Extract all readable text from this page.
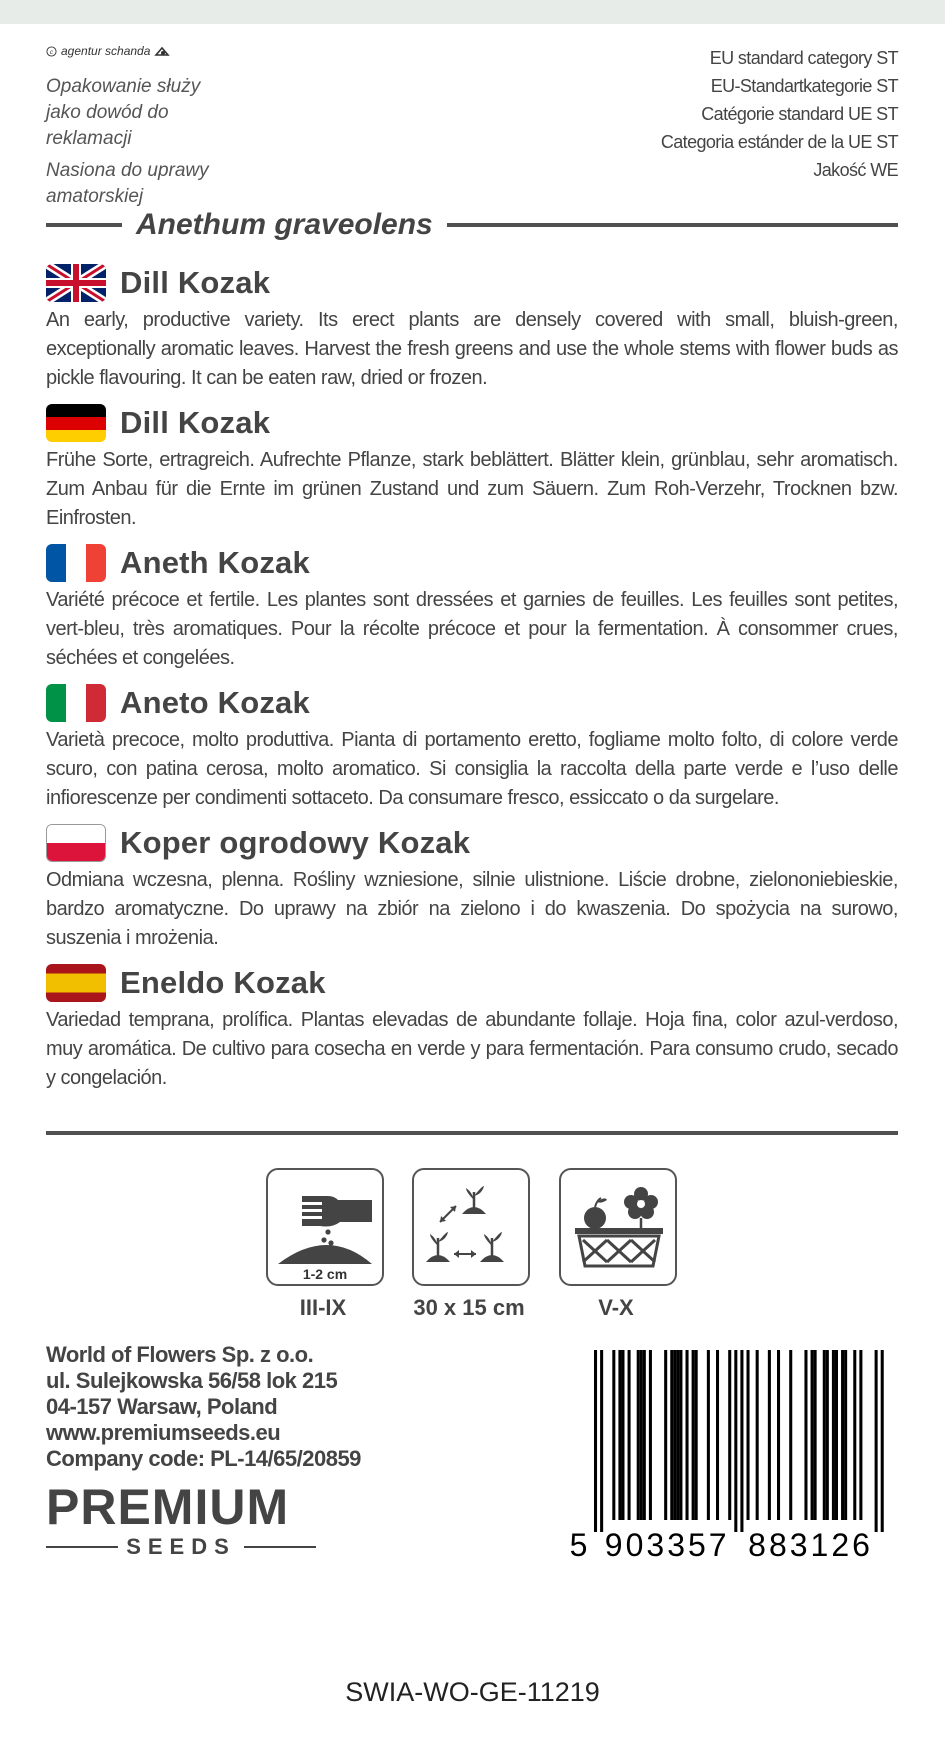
c agentur schanda

Opakowanie służy jako dowód do reklamacji

Nasiona do uprawy amatorskiej

EU standard category ST
EU-Standartkategorie ST
Catégorie standard UE ST
Categoria estánder de la UE ST
Jakość WE
Anethum graveolens
Dill Kozak
An early, productive variety. Its erect plants are densely covered with small, bluish-green, exceptionally aromatic leaves. Harvest the fresh greens and use the whole stems with flower buds as pickle flavouring. It can be eaten raw, dried or frozen.
Dill Kozak
Frühe Sorte, ertragreich. Aufrechte Pflanze, stark beblättert. Blätter klein, grünblau, sehr aromatisch. Zum Anbau für die Ernte im grünen Zustand und zum Säuern. Zum Roh-Verzehr, Trocknen bzw. Einfrosten.
Aneth Kozak
Variété précoce et fertile. Les plantes sont dressées et garnies de feuilles. Les feuilles sont petites, vert-bleu, très aromatiques. Pour la récolte précoce et pour la fermentation. À consommer crues, séchées et congelées.
Aneto Kozak
Varietà precoce, molto produttiva. Pianta di portamento eretto, fogliame molto folto, di colore verde scuro, con patina cerosa, molto aromatico. Si consiglia la raccolta della parte verde e l’uso delle infiorescenze per condimenti sottaceto. Da consumare fresco, essiccato o da surgelare.
Koper ogrodowy Kozak
Odmiana wczesna, plenna. Rośliny wzniesione, silnie ulistnione. Liście drobne, zielononiebieskie, bardzo aromatyczne. Do uprawy na zbiór na zielono i do kwaszenia. Do spożycia na surowo, suszenia i mrożenia.
Eneldo Kozak
Variedad temprana, prolífica. Plantas elevadas de abundante follaje. Hoja fina, color azul-verdoso, muy aromática. De cultivo para cosecha en verde y para fermentación. Para consumo crudo, secado y congelación.
1-2 cm
III-IX	30 x 15 cm	V-X
World of Flowers Sp. z o.o.
ul. Sulejkowska 56/58 lok 215
04-157 Warsaw, Poland
www.premiumseeds.eu
Company code: PL-14/65/20859
PREMIUM
SEEDS	5 903357 883126
SWIA-WO-GE-11219
